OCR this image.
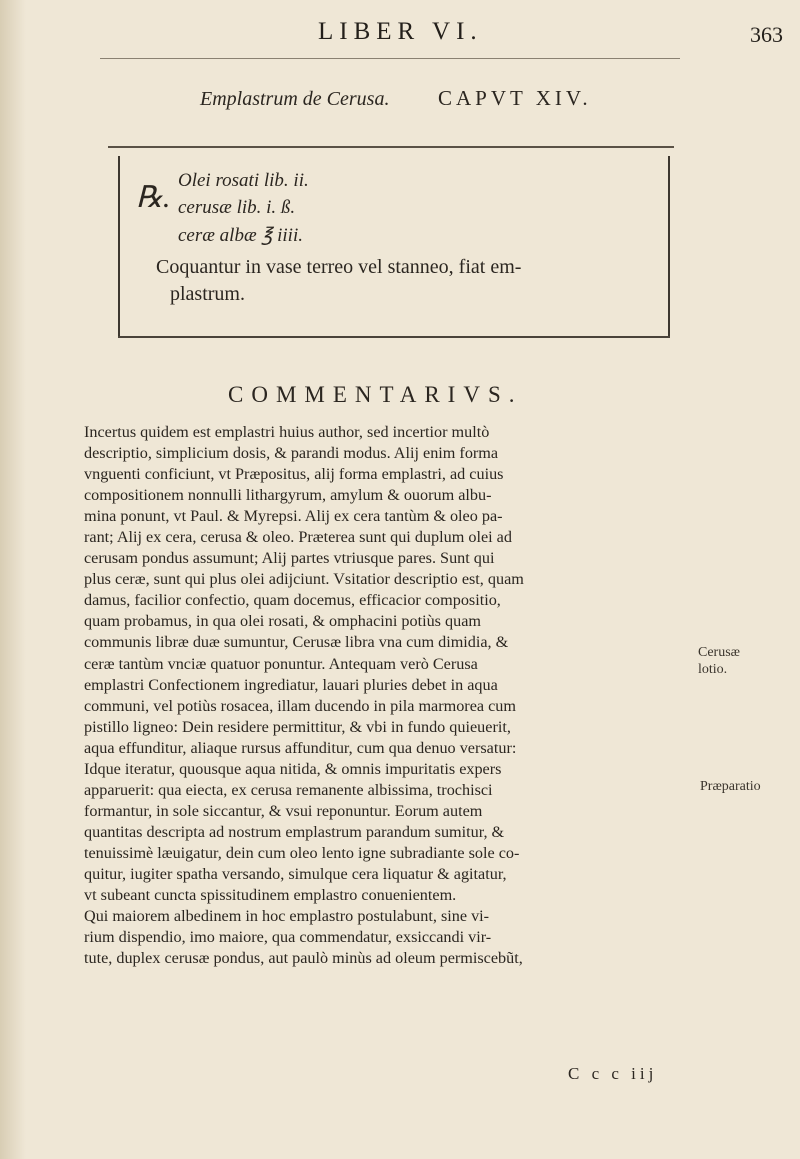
LIBER VI.	363
Emplastrum de Cerusa. CAPVT XIV.
℞.
Olei rosati lib. ii.
cerusæ lib. i. ß.
ceræ albæ ℥ iiii.
Coquantur in vase terreo vel stanneo, fiat em-
plastrum.
COMMENTARIVS.
Incertus quidem est emplastri huius author, sed incertior multò
descriptio, simplicium dosis, & parandi modus. Alij enim forma
vnguenti conficiunt, vt Præpositus, alij forma emplastri, ad cuius
compositionem nonnulli lithargyrum, amylum & ouorum albu-
mina ponunt, vt Paul. & Myrepsi. Alij ex cera tantùm & oleo pa-
rant; Alij ex cera, cerusa & oleo. Præterea sunt qui duplum olei ad
cerusam pondus assumunt; Alij partes vtriusque pares. Sunt qui
plus ceræ, sunt qui plus olei adijciunt. Vsitatior descriptio est, quam
damus, facilior confectio, quam docemus, efficacior compositio,
quam probamus, in qua olei rosati, & omphacini potiùs quam
communis libræ duæ sumuntur, Cerusæ libra vna cum dimidia, &
ceræ tantùm vnciæ quatuor ponuntur. Antequam verò Cerusa
emplastri Confectionem ingrediatur, lauari pluries debet in aqua
communi, vel potiùs rosacea, illam ducendo in pila marmorea cum
pistillo ligneo: Dein residere permittitur, & vbi in fundo quieuerit,
aqua effunditur, aliaque rursus affunditur, cum qua denuo versatur:
Idque iteratur, quousque aqua nitida, & omnis impuritatis expers
apparuerit: qua eiecta, ex cerusa remanente albissima, trochisci
formantur, in sole siccantur, & vsui reponuntur. Eorum autem
quantitas descripta ad nostrum emplastrum parandum sumitur, &
tenuissimè læuigatur, dein cum oleo lento igne subradiante sole co-
quitur, iugiter spatha versando, simulque cera liquatur & agitatur,
vt subeant cuncta spissitudinem emplastro conuenientem.
Qui maiorem albedinem in hoc emplastro postulabunt, sine vi-
rium dispendio, imo maiore, qua commendatur, exsiccandi vir-
tute, duplex cerusæ pondus, aut paulò minùs ad oleum permiscebũt,
Cerusæ lotio.
Præparatio
C c c iij
